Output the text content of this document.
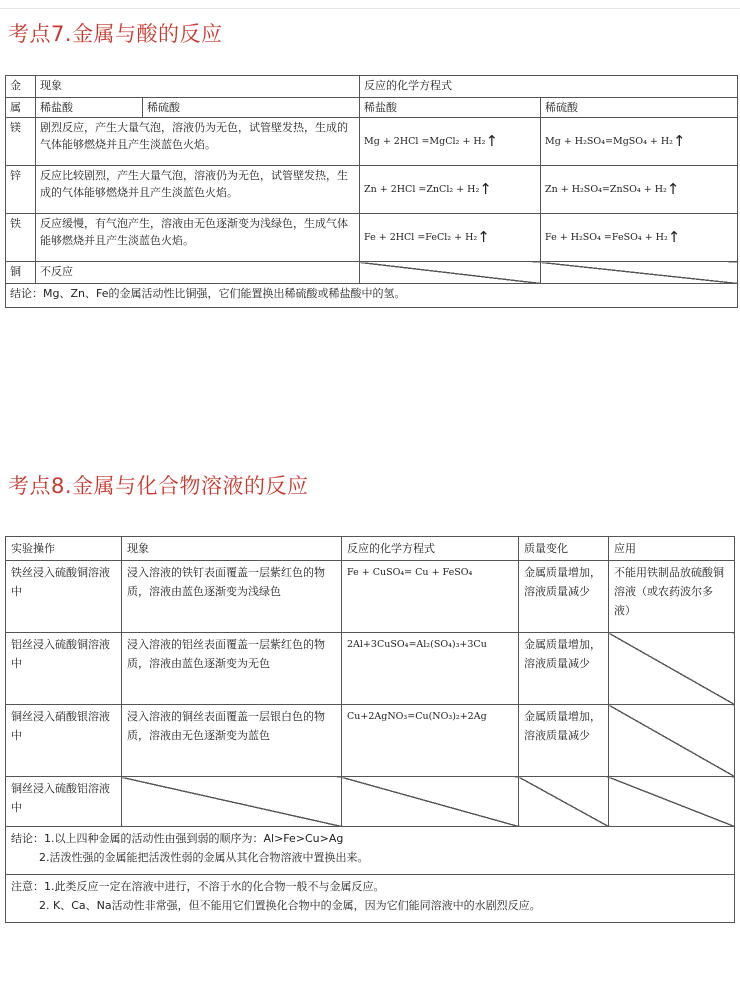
考点7.金属与酸的反应
金	现象		反应的化学方程式	
属	稀盐酸	稀硫酸	稀盐酸	稀硫酸
镁	剧烈反应，产生大量气泡，溶液仍为无色，试管壁发热，生成的气体能够燃烧并且产生淡蓝色火焰。		Mg + 2HCl =MgCl₂ + H₂↑	Mg + H₂SO₄=MgSO₄ + H₂↑
锌	反应比较剧烈，产生大量气泡，溶液仍为无色，试管壁发热，生成的气体能够燃烧并且产生淡蓝色火焰。		Zn + 2HCl =ZnCl₂ + H₂↑	Zn + H₂SO₄=ZnSO₄ + H₂↑
铁	反应缓慢，有气泡产生，溶液由无色逐渐变为浅绿色，生成气体能够燃烧并且产生淡蓝色火焰。		Fe + 2HCl =FeCl₂ + H₂↑	Fe + H₂SO₄ =FeSO₄ + H₂↑
铜	不反应			
结论：Mg、Zn、Fe的金属活动性比铜强，它们能置换出稀硫酸或稀盐酸中的氢。				
考点8.金属与化合物溶液的反应
实验操作	现象	反应的化学方程式	质量变化	应用
铁丝浸入硫酸铜溶液中	浸入溶液的铁钉表面覆盖一层紫红色的物质，溶液由蓝色逐渐变为浅绿色	Fe + CuSO₄= Cu + FeSO₄	金属质量增加，溶液质量减少	不能用铁制品放硫酸铜溶液（或农药波尔多液）
铝丝浸入硫酸铜溶液中	浸入溶液的铝丝表面覆盖一层紫红色的物质，溶液由蓝色逐渐变为无色	2Al+3CuSO₄=Al₂(SO₄)₃+3Cu	金属质量增加，溶液质量减少	
铜丝浸入硝酸银溶液中	浸入溶液的铜丝表面覆盖一层银白色的物质，溶液由无色逐渐变为蓝色	Cu+2AgNO₃=Cu(NO₃)₂+2Ag	金属质量增加，溶液质量减少	
铜丝浸入硫酸铝溶液中				
结论：1.以上四种金属的活动性由强到弱的顺序为：Al>Fe>Cu>Ag
2.活泼性强的金属能把活泼性弱的金属从其化合物溶液中置换出来。				

注意：1.此类反应一定在溶液中进行，不溶于水的化合物一般不与金属反应。
2. K、Ca、Na活动性非常强，但不能用它们置换化合物中的金属，因为它们能同溶液中的水剧烈反应。				
